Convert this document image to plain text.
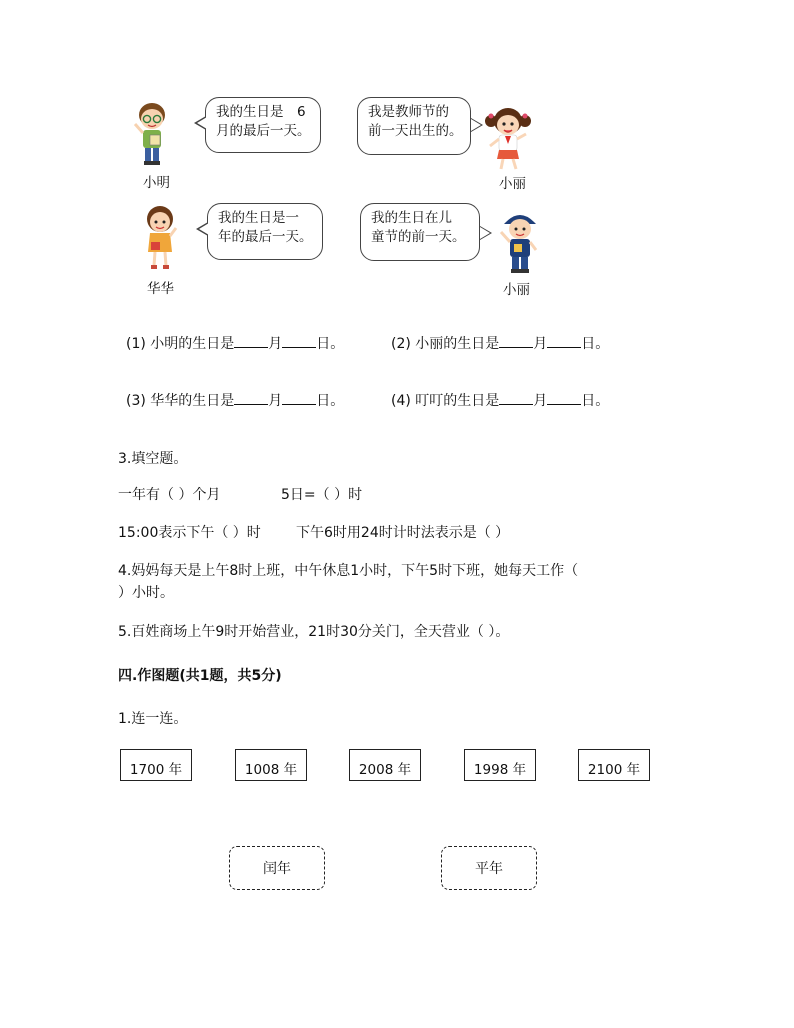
小明
我的生日是　6
月的最后一天。
我是教师节的
前一天出生的。
小丽
华华
我的生日是一
年的最后一天。
我的生日在儿
童节的前一天。
小丽
(1) 小明的生日是 月 日。	(2) 小丽的生日是 月 日。
(3) 华华的生日是 月 日。	(4) 叮叮的生日是 月 日。
3.填空题。
一年有（ ）个月	5日=（ ）时
15:00表示下午（ ）时	下午6时用24时计时法表示是（ ）
4.妈妈每天是上午8时上班，中午休息1小时，下午5时下班，她每天工作（
）小时。
5.百姓商场上午9时开始营业，21时30分关门，全天营业（ ）。
四.作图题(共1题，共5分)
1.连一连。
1700 年	1008 年	2008 年	1998 年	2100 年
闰年	平年
